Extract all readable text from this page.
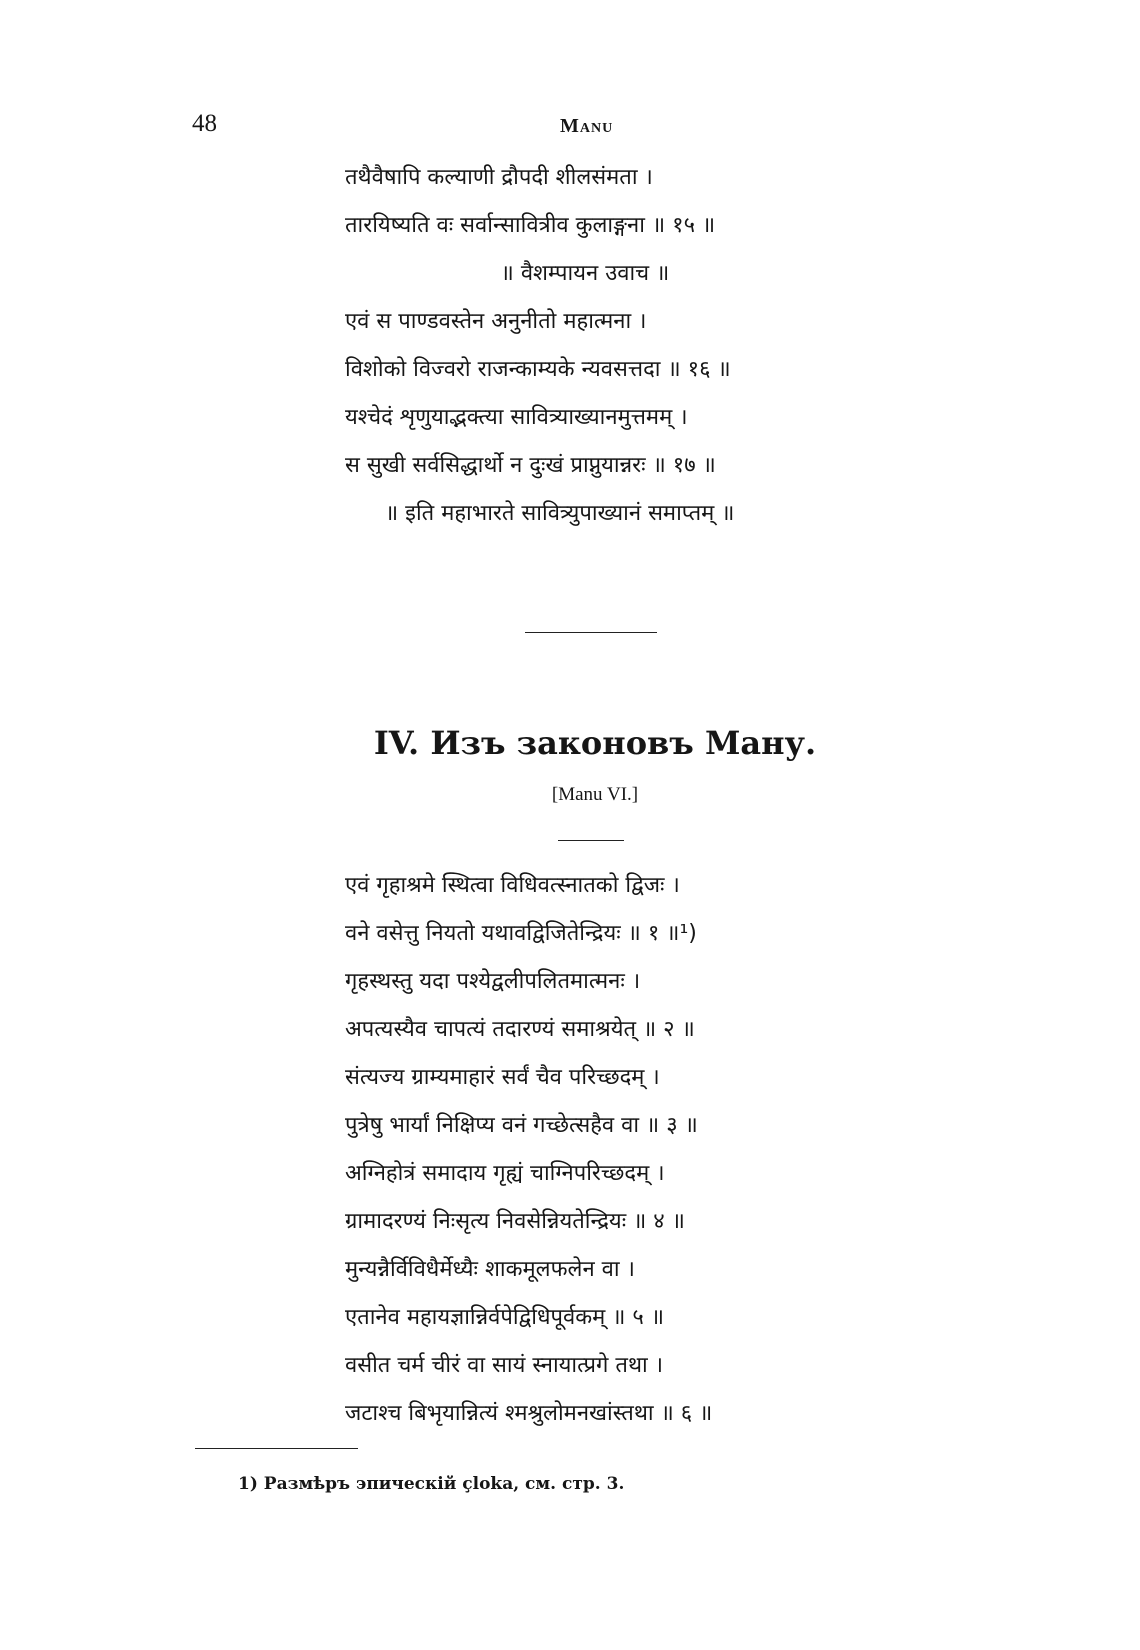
48	Manu
तथैवैषापि कल्याणी द्रौपदी शीलसंमता ।
तारयिष्यति वः सर्वान्सावित्रीव कुलाङ्गना ॥ १५ ॥
॥ वैशम्पायन उवाच ॥
एवं स पाण्डवस्तेन अनुनीतो महात्मना ।
विशोको विज्वरो राजन्काम्यके न्यवसत्तदा ॥ १६ ॥
यश्चेदं शृणुयाद्भक्त्या सावित्र्याख्यानमुत्तमम् ।
स सुखी सर्वसिद्धार्थो न दुःखं प्राप्नुयान्नरः ॥ १७ ॥
॥ इति महाभारते सावित्र्युपाख्यानं समाप्तम् ॥
IV. Изъ законовъ Ману.
[Manu VI.]
एवं गृहाश्रमे स्थित्वा विधिवत्स्नातको द्विजः ।
वने वसेत्तु नियतो यथावद्विजितेन्द्रियः ॥ १ ॥¹)
गृहस्थस्तु यदा पश्येद्वलीपलितमात्मनः ।
अपत्यस्यैव चापत्यं तदारण्यं समाश्रयेत् ॥ २ ॥
संत्यज्य ग्राम्यमाहारं सर्वं चैव परिच्छदम् ।
पुत्रेषु भार्यां निक्षिप्य वनं गच्छेत्सहैव वा ॥ ३ ॥
अग्निहोत्रं समादाय गृह्यं चाग्निपरिच्छदम् ।
ग्रामादरण्यं निःसृत्य निवसेन्नियतेन्द्रियः ॥ ४ ॥
मुन्यन्नैर्विविधैर्मेध्यैः शाकमूलफलेन वा ।
एतानेव महायज्ञान्निर्वपेद्विधिपूर्वकम् ॥ ५ ॥
वसीत चर्म चीरं वा सायं स्नायात्प्रगे तथा ।
जटाश्च बिभृयान्नित्यं श्मश्रुलोमनखांस्तथा ॥ ६ ॥
1) Размѣръ эпическій çloka, см. стр. 3.
